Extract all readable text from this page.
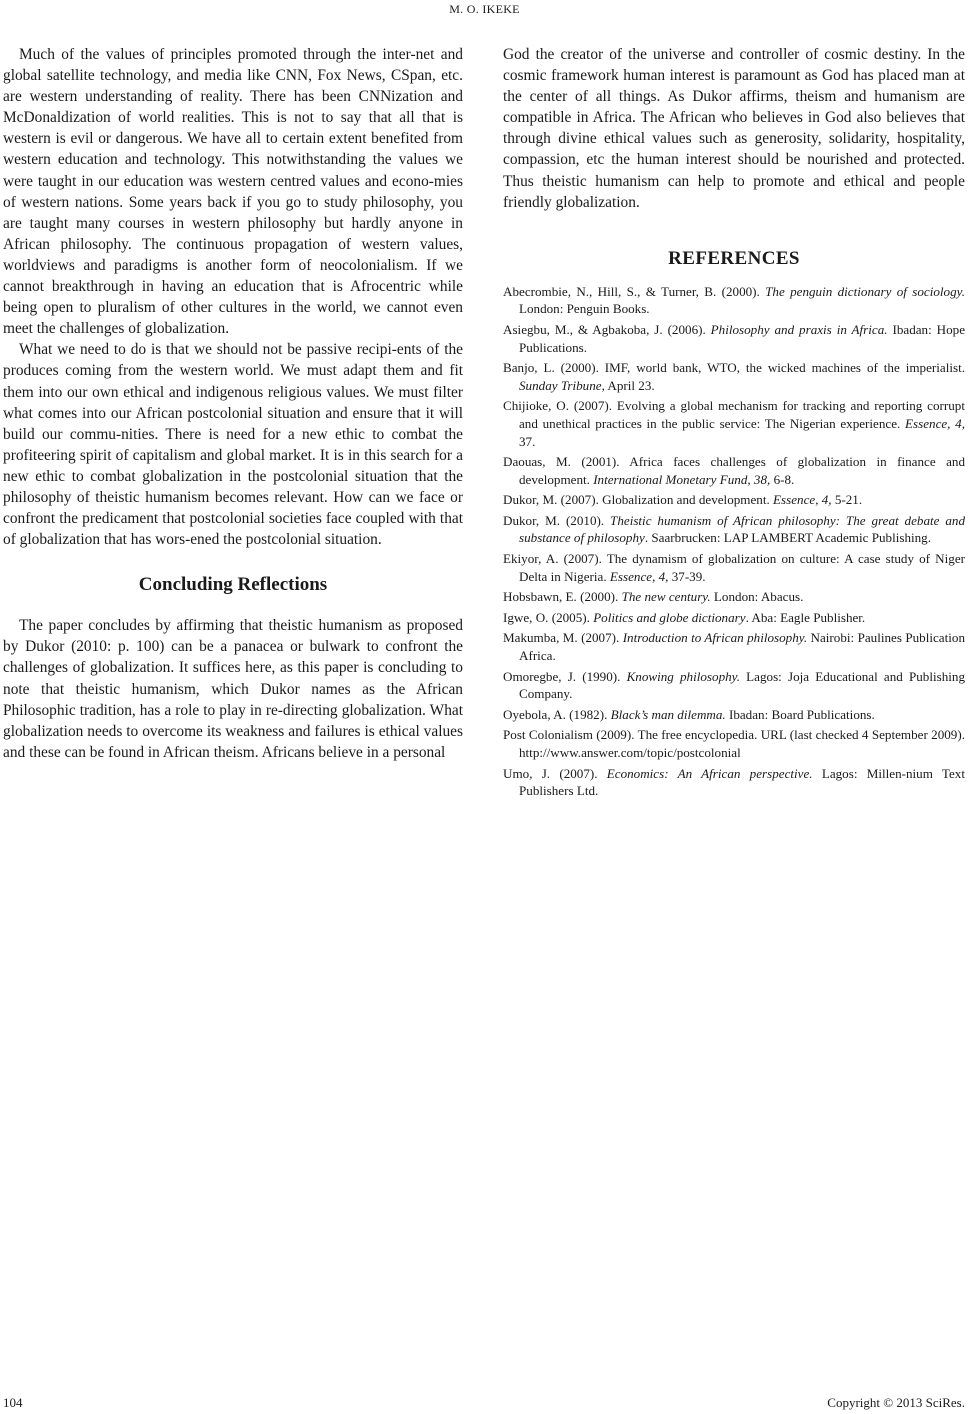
M. O. IKEKE

Much of the values of principles promoted through the inter-net and global satellite technology, and media like CNN, Fox News, CSpan, etc. are western understanding of reality. There has been CNNization and McDonaldization of world realities. This is not to say that all that is western is evil or dangerous. We have all to certain extent benefited from western education and technology. This notwithstanding the values we were taught in our education was western centred values and econo-mies of western nations. Some years back if you go to study philosophy, you are taught many courses in western philosophy but hardly anyone in African philosophy. The continuous propagation of western values, worldviews and paradigms is another form of neocolonialism. If we cannot breakthrough in having an education that is Afrocentric while being open to pluralism of other cultures in the world, we cannot even meet the challenges of globalization.

What we need to do is that we should not be passive recipi-ents of the produces coming from the western world. We must adapt them and fit them into our own ethical and indigenous religious values. We must filter what comes into our African postcolonial situation and ensure that it will build our commu-nities. There is need for a new ethic to combat the profiteering spirit of capitalism and global market. It is in this search for a new ethic to combat globalization in the postcolonial situation that the philosophy of theistic humanism becomes relevant. How can we face or confront the predicament that postcolonial societies face coupled with that of globalization that has wors-ened the postcolonial situation.

Concluding Reflections

The paper concludes by affirming that theistic humanism as proposed by Dukor (2010: p. 100) can be a panacea or bulwark to confront the challenges of globalization. It suffices here, as this paper is concluding to note that theistic humanism, which Dukor names as the African Philosophic tradition, has a role to play in re-directing globalization. What globalization needs to overcome its weakness and failures is ethical values and these can be found in African theism. Africans believe in a personal

God the creator of the universe and controller of cosmic destiny. In the cosmic framework human interest is paramount as God has placed man at the center of all things. As Dukor affirms, theism and humanism are compatible in Africa. The African who believes in God also believes that through divine ethical values such as generosity, solidarity, hospitality, compassion, etc the human interest should be nourished and protected. Thus theistic humanism can help to promote and ethical and people friendly globalization.

REFERENCES
Abecrombie, N., Hill, S., & Turner, B. (2000). The penguin dictionary of sociology. London: Penguin Books.
Asiegbu, M., & Agbakoba, J. (2006). Philosophy and praxis in Africa. Ibadan: Hope Publications.
Banjo, L. (2000). IMF, world bank, WTO, the wicked machines of the imperialist. Sunday Tribune, April 23.
Chijioke, O. (2007). Evolving a global mechanism for tracking and reporting corrupt and unethical practices in the public service: The Nigerian experience. Essence, 4, 37.
Daouas, M. (2001). Africa faces challenges of globalization in finance and development. International Monetary Fund, 38, 6-8.
Dukor, M. (2007). Globalization and development. Essence, 4, 5-21.
Dukor, M. (2010). Theistic humanism of African philosophy: The great debate and substance of philosophy. Saarbrucken: LAP LAMBERT Academic Publishing.
Ekiyor, A. (2007). The dynamism of globalization on culture: A case study of Niger Delta in Nigeria. Essence, 4, 37-39.
Hobsbawn, E. (2000). The new century. London: Abacus.
Igwe, O. (2005). Politics and globe dictionary. Aba: Eagle Publisher.
Makumba, M. (2007). Introduction to African philosophy. Nairobi: Paulines Publication Africa.
Omoregbe, J. (1990). Knowing philosophy. Lagos: Joja Educational and Publishing Company.
Oyebola, A. (1982). Black’s man dilemma. Ibadan: Board Publications.
Post Colonialism (2009). The free encyclopedia. URL (last checked 4 September 2009). http://www.answer.com/topic/postcolonial
Umo, J. (2007). Economics: An African perspective. Lagos: Millen-nium Text Publishers Ltd.
104	Copyright © 2013 SciRes.
